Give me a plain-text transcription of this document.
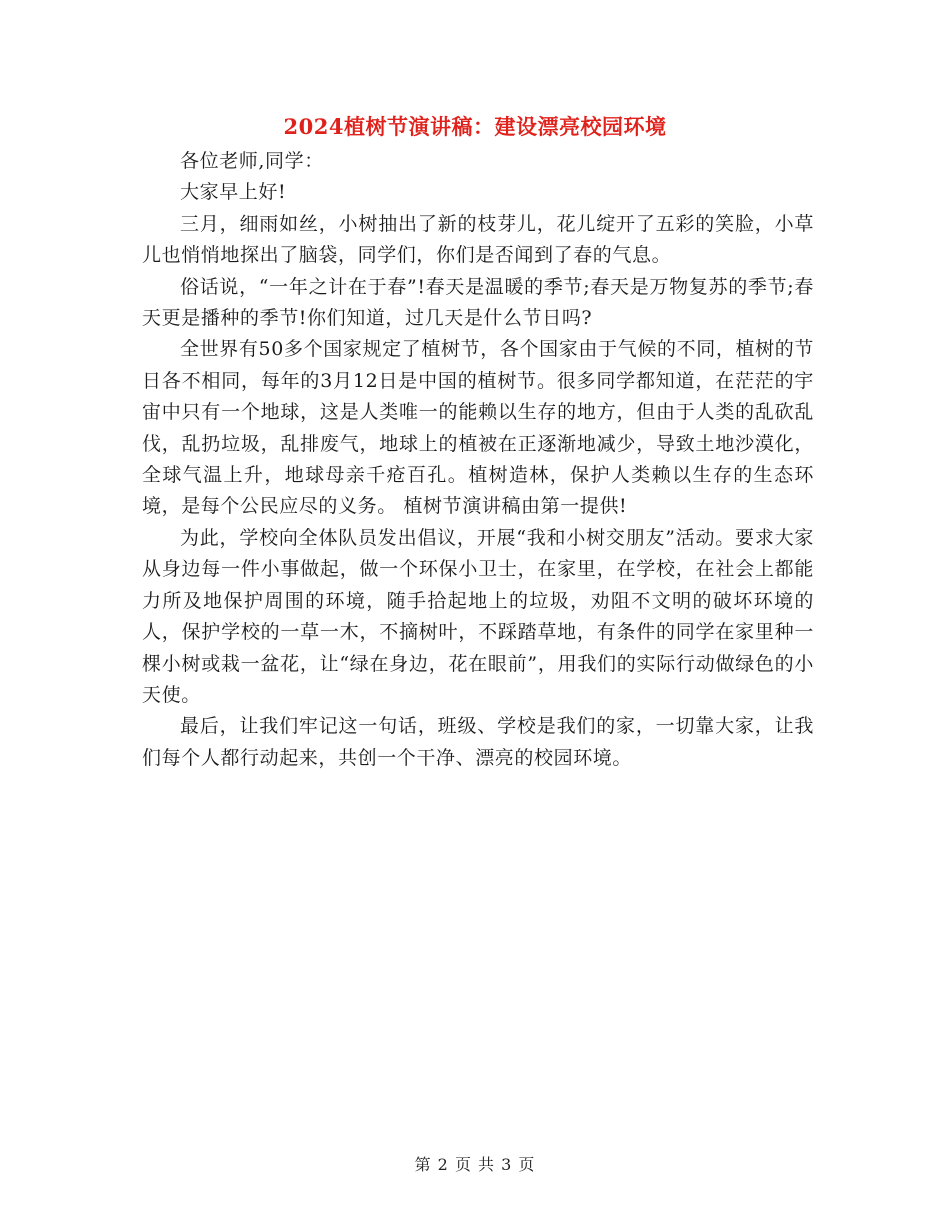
2024植树节演讲稿：建设漂亮校园环境

各位老师,同学：

大家早上好!

三月，细雨如丝，小树抽出了新的枝芽儿，花儿绽开了五彩的笑脸，小草儿也悄悄地探出了脑袋，同学们，你们是否闻到了春的气息。

俗话说，“一年之计在于春”!春天是温暖的季节;春天是万物复苏的季节;春天更是播种的季节!你们知道，过几天是什么节日吗?

全世界有50多个国家规定了植树节，各个国家由于气候的不同，植树的节日各不相同，每年的3月12日是中国的植树节。很多同学都知道，在茫茫的宇宙中只有一个地球，这是人类唯一的能赖以生存的地方，但由于人类的乱砍乱伐，乱扔垃圾，乱排废气，地球上的植被在正逐渐地减少，导致土地沙漠化，全球气温上升，地球母亲千疮百孔。植树造林，保护人类赖以生存的生态环境，是每个公民应尽的义务。 植树节演讲稿由第一提供!

为此，学校向全体队员发出倡议，开展“我和小树交朋友”活动。要求大家从身边每一件小事做起，做一个环保小卫士，在家里，在学校，在社会上都能力所及地保护周围的环境，随手拾起地上的垃圾，劝阻不文明的破坏环境的人，保护学校的一草一木，不摘树叶，不踩踏草地，有条件的同学在家里种一棵小树或栽一盆花，让“绿在身边，花在眼前”，用我们的实际行动做绿色的小天使。

最后，让我们牢记这一句话，班级、学校是我们的家，一切靠大家，让我们每个人都行动起来，共创一个干净、漂亮的校园环境。

第 2 页 共 3 页
